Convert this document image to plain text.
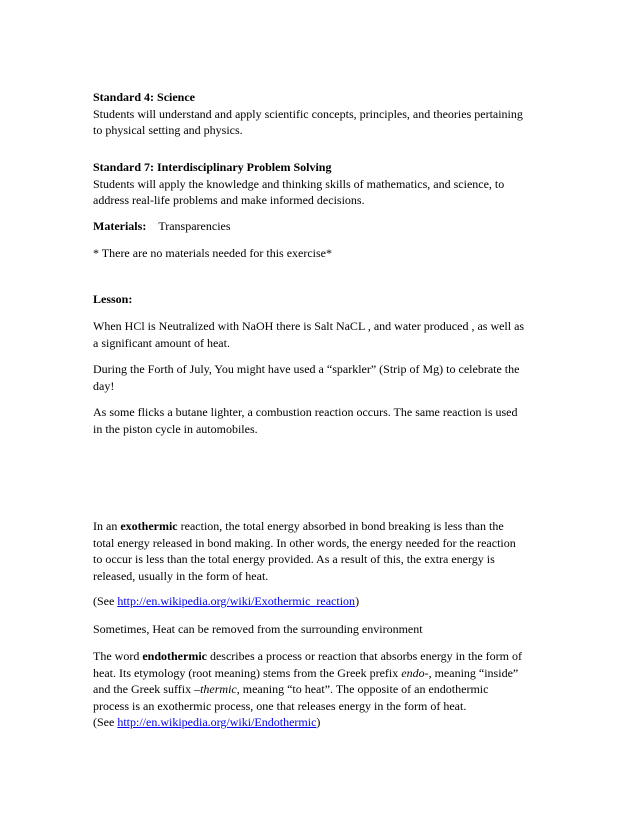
Standard 4: Science
Students will understand and apply scientific concepts, principles, and theories pertaining
to physical setting and physics.
Standard 7: Interdisciplinary Problem Solving
Students will apply the knowledge and thinking skills of mathematics, and science, to
address real-life problems and make informed decisions.
Materials: Transparencies
* There are no materials needed for this exercise*
Lesson:
When HCl is Neutralized with NaOH there is Salt NaCL , and water produced , as well as
a significant amount of heat.
During the Forth of July, You might have used a “sparkler” (Strip of Mg) to celebrate the
day!
As some flicks a butane lighter, a combustion reaction occurs. The same reaction is used
in the piston cycle in automobiles.
In an exothermic reaction, the total energy absorbed in bond breaking is less than the
total energy released in bond making. In other words, the energy needed for the reaction
to occur is less than the total energy provided. As a result of this, the extra energy is
released, usually in the form of heat.
(See http://en.wikipedia.org/wiki/Exothermic_reaction)
Sometimes, Heat can be removed from the surrounding environment
The word endothermic describes a process or reaction that absorbs energy in the form of
heat. Its etymology (root meaning) stems from the Greek prefix endo-, meaning “inside”
and the Greek suffix –thermic, meaning “to heat”. The opposite of an endothermic
process is an exothermic process, one that releases energy in the form of heat.
(See http://en.wikipedia.org/wiki/Endothermic)
